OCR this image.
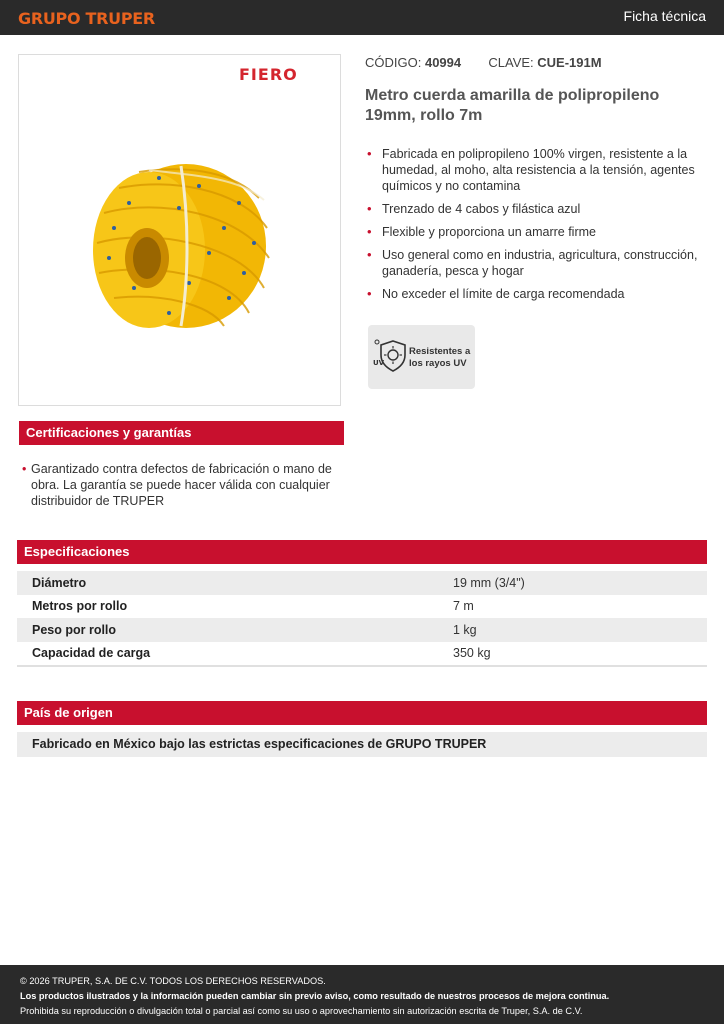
GRUPO TRUPER	Ficha técnica
FIERO
CÓDIGO: 40994 CLAVE: CUE-191M
Metro cuerda amarilla de polipropileno 19mm, rollo 7m
• Fabricada en polipropileno 100% virgen, resistente a la humedad, al moho, alta resistencia a la tensión, agentes químicos y no contamina
• Trenzado de 4 cabos y filástica azul
• Flexible y proporciona un amarre firme
• Uso general como en industria, agricultura, construcción, ganadería, pesca y hogar
• No exceder el límite de carga recomendada
UV
Resistentes a los rayos UV
Certificaciones y garantías
• Garantizado contra defectos de fabricación o mano de obra. La garantía se puede hacer válida con cualquier distribuidor de TRUPER
Especificaciones
Diámetro	19 mm (3/4")
Metros por rollo	7 m
Peso por rollo	1 kg
Capacidad de carga	350 kg
País de origen
Fabricado en México bajo las estrictas especificaciones de GRUPO TRUPER

© 2026 TRUPER, S.A. DE C.V. TODOS LOS DERECHOS RESERVADOS.

Los productos ilustrados y la información pueden cambiar sin previo aviso, como resultado de nuestros procesos de mejora continua.

Prohibida su reproducción o divulgación total o parcial así como su uso o aprovechamiento sin autorización escrita de Truper, S.A. de C.V.
